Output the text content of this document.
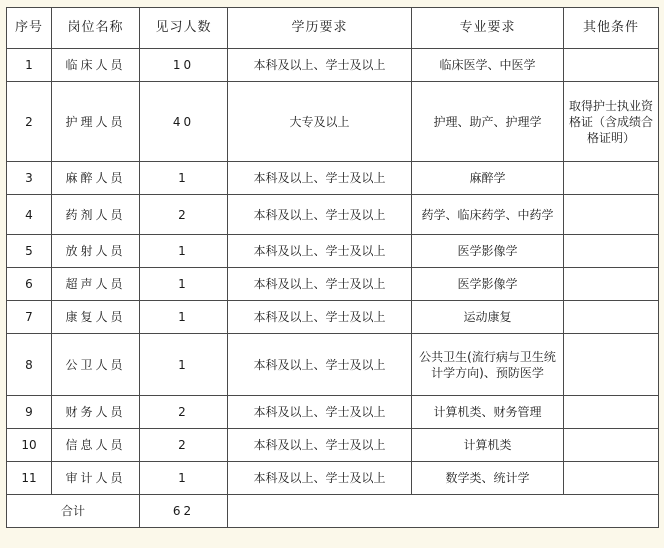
序号	岗位名称	见习人数	学历要求	专业要求	其他条件
1	临床人员	10	本科及以上、学士及以上	临床医学、中医学	
2	护理人员	40	大专及以上	护理、助产、护理学	取得护士执业资格证（含成绩合格证明）
3	麻醉人员	1	本科及以上、学士及以上	麻醉学	
4	药剂人员	2	本科及以上、学士及以上	药学、临床药学、中药学	
5	放射人员	1	本科及以上、学士及以上	医学影像学	
6	超声人员	1	本科及以上、学士及以上	医学影像学	
7	康复人员	1	本科及以上、学士及以上	运动康复	
8	公卫人员	1	本科及以上、学士及以上	公共卫生(流行病与卫生统计学方向)、预防医学	
9	财务人员	2	本科及以上、学士及以上	计算机类、财务管理	
10	信息人员	2	本科及以上、学士及以上	计算机类	
11	审计人员	1	本科及以上、学士及以上	数学类、统计学	
合计		62			
